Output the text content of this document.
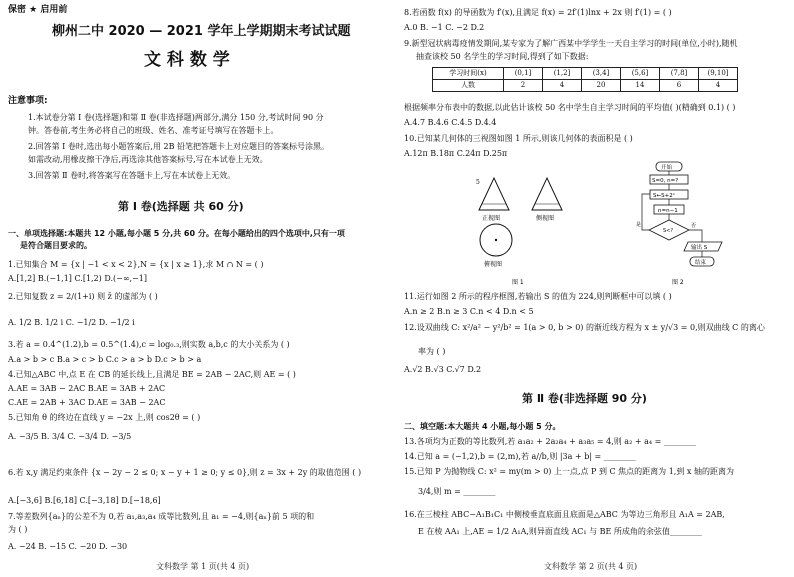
保密 ★ 启用前
柳州二中 2020 — 2021 学年上学期期末考试试题
文 科 数 学
注意事项:
1.本试卷分第 Ⅰ 卷(选择题)和第 Ⅱ 卷(非选择题)两部分,满分 150 分,考试时间 90 分
钟。答卷前,考生务必将自己的班级、姓名、准考证号填写在答题卡上。
2.回答第 Ⅰ 卷时,选出每小题答案后,用 2B 铅笔把答题卡上对应题目的答案标号涂黑。
如需改动,用橡皮擦干净后,再选涂其他答案标号,写在本试卷上无效。
3.回答第 Ⅱ 卷时,将答案写在答题卡上,写在本试卷上无效。
第 Ⅰ 卷(选择题 共 60 分)
一、单项选择题:本题共 12 小题,每小题 5 分,共 60 分。在每小题给出的四个选项中,只有一项
是符合题目要求的。
1.已知集合 M = {x | −1 < x < 2},N = {x | x ≥ 1},求 M ∩ N = ( )
A.[1,2] B.(−1,1] C.[1,2) D.(−∞,−1]
2.已知复数 z = 2/(1+i) 则 z̄ 的虚部为 ( )
A. 1/2 B. 1/2 i C. −1/2 D. −1/2 i
3.若 a = 0.4^(1.2),b = 0.5^(1.4),c = log₀.₃,则实数 a,b,c 的大小关系为 ( )
A.a > b > c B.a > c > b C.c > a > b D.c > b > a
4.已知△ABC 中,点 E 在 CB 的延长线上,且满足 BE = 2AB − 2AC,则 AE = ( )
A.AE = 3AB − 2AC B.AE = 3AB + 2AC
C.AE = 2AB + 3AC D.AE = 3AB − 2AC
5.已知角 θ 的终边在直线 y = −2x 上,则 cos2θ = ( )
A. −3/5 B. 3/4 C. −3/4 D. −3/5
6.若 x,y 满足约束条件 {x − 2y − 2 ≤ 0; x − y + 1 ≥ 0; y ≤ 0},则 z = 3x + 2y 的取值范围 ( )
A.[−3,6] B.[6,18] C.[−3,18] D.[−18,6]
7.等差数列{aₙ}的公差不为 0,若 a₁,a₃,a₄ 成等比数列,且 a₁ = −4,则{aₙ}前 5 项的和
为 ( )
A. −24 B. −15 C. −20 D. −30
文科数学 第 1 页(共 4 页)
8.若函数 f(x) 的导函数为 f′(x),且满足 f(x) = 2f′(1)lnx + 2x 则 f′(1) = ( )
A.0 B. −1 C. −2 D.2
9.新型冠状病毒疫情发期间,某专家为了解广西某中学学生一天自主学习的时间(单位,小时),随机
抽查该校 50 名学生的学习时间,得到了如下数据:
学习时间(x)	(0,1]	(1,2]	(3,4]	(5,6]	(7,8]	(9,10]
人数	2	4	20	14	6	4
根据频率分布表中的数据,以此估计该校 50 名中学生自主学习时间的平均值( )(精确到 0.1) ( )
A.4.7 B.4.6 C.4.5 D.4.4
10.已知某几何体的三视图如图 1 所示,则该几何体的表面积是 ( )
A.12π B.18π C.24π D.25π
5
正视图	侧视图
俯视图
图 1
开始
S=0, n=?
S←S+2ⁿ
n=n−1
S<?
是	否
输出 S
结束
图 2
11.运行如图 2 所示的程序框图,若输出 S 的值为 224,则判断框中可以填 ( )
A.n ≥ 2 B.n ≥ 3 C.n < 4 D.n < 5
12.设双曲线 C: x²/a² − y²/b² = 1(a > 0, b > 0) 的渐近线方程为 x ± y/√3 = 0,则双曲线 C 的离心
率为 ( )
A.√2 B.√3 C.√7 D.2
第 Ⅱ 卷(非选择题 90 分)
二、填空题:本大题共 4 小题,每小题 5 分。
13.各项均为正数的等比数列,若 a₁a₂ + 2a₂a₄ + a₃a₅ = 4,则 a₂ + a₄ = ________
14.已知 a = (−1,2),b = (2,m),若 a//b,则 |3a + b| = ________
15.已知 P 为抛物线 C: x² = my(m > 0) 上一点,点 P 到 C 焦点的距离为 1,到 x 轴的距离为
3/4,则 m = ________
16.在三棱柱 ABC−A₁B₁C₁ 中侧棱垂直底面且底面是△ABC 为等边三角形且 A₁A = 2AB,
E 在棱 AA₁ 上,AE = 1/2 A₁A,则异面直线 AC₁ 与 BE 所成角的余弦值________
文科数学 第 2 页(共 4 页)
